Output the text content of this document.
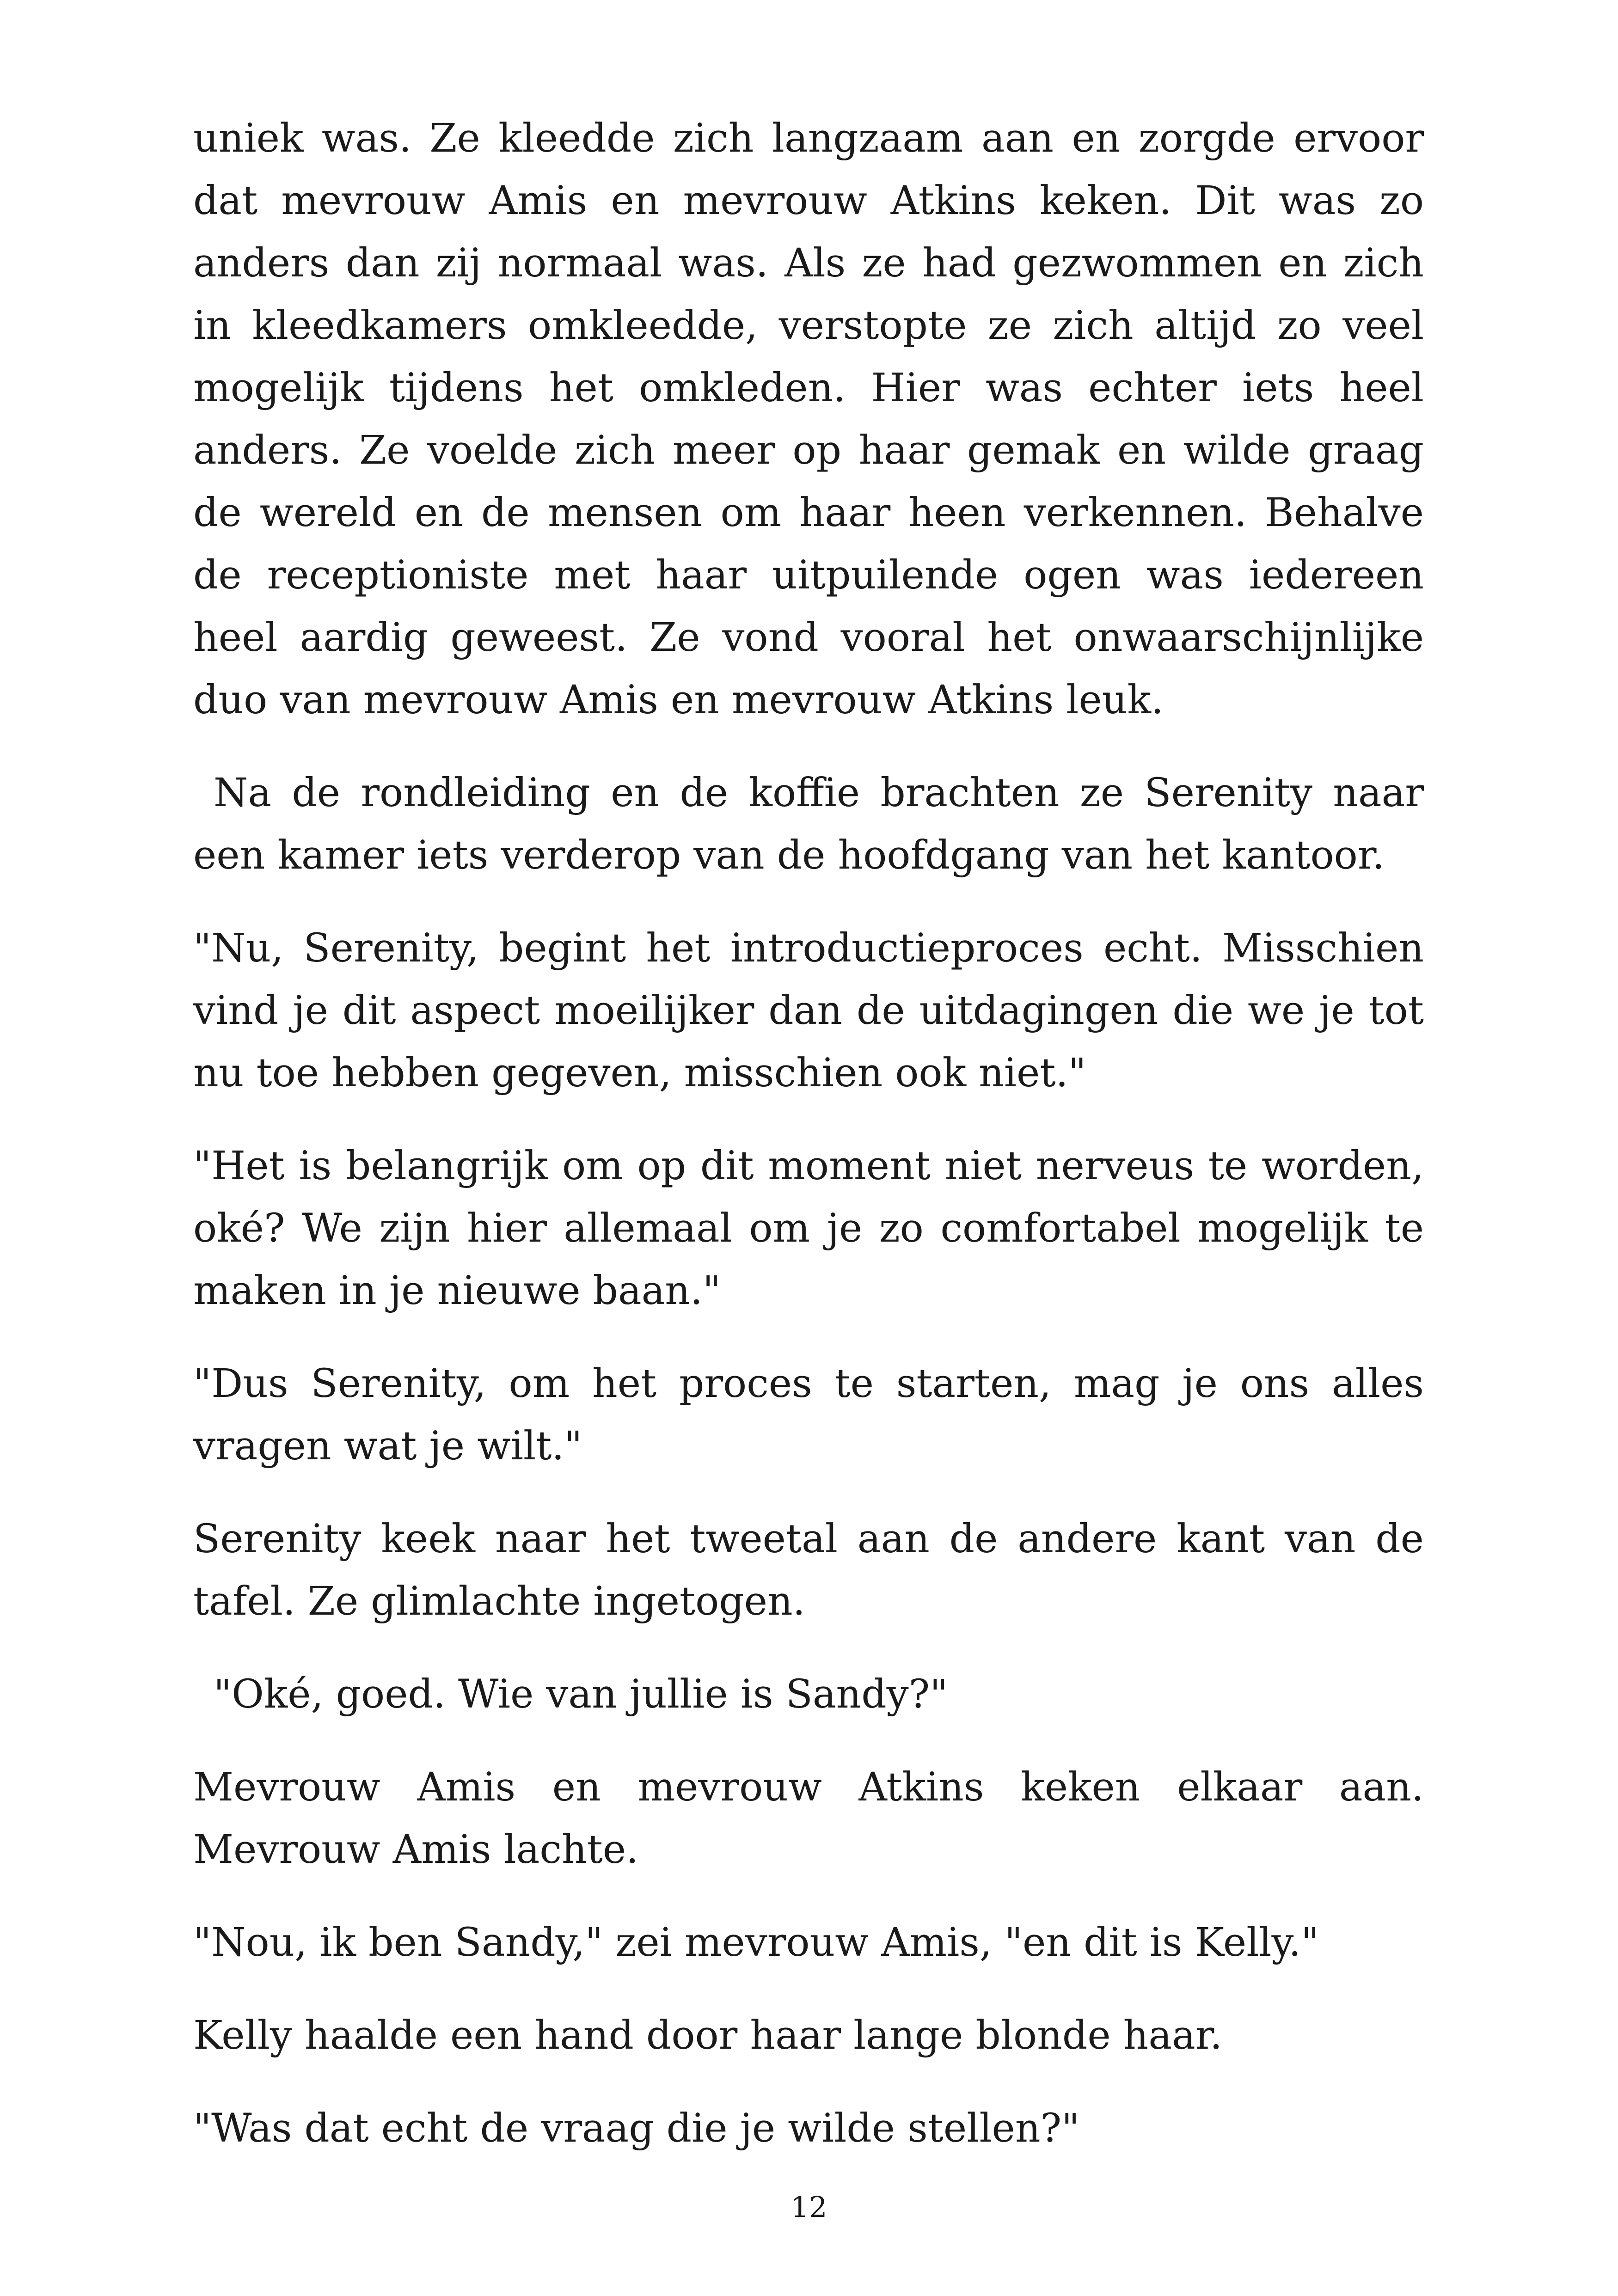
uniek was. Ze kleedde zich langzaam aan en zorgde ervoor dat mevrouw Amis en mevrouw Atkins keken. Dit was zo anders dan zij normaal was. Als ze had gezwommen en zich in kleedkamers omkleedde, verstopte ze zich altijd zo veel mogelijk tijdens het omkleden. Hier was echter iets heel anders. Ze voelde zich meer op haar gemak en wilde graag de wereld en de mensen om haar heen verkennen. Behalve de receptioniste met haar uitpuilende ogen was iedereen heel aardig geweest. Ze vond vooral het onwaarschijnlijke duo van mevrouw Amis en mevrouw Atkins leuk.

Na de rondleiding en de koffie brachten ze Serenity naar een kamer iets verderop van de hoofdgang van het kantoor.

"Nu, Serenity, begint het introductieproces echt. Misschien vind je dit aspect moeilijker dan de uitdagingen die we je tot nu toe hebben gegeven, misschien ook niet."

"Het is belangrijk om op dit moment niet nerveus te worden, oké? We zijn hier allemaal om je zo comfortabel mogelijk te maken in je nieuwe baan."

"Dus Serenity, om het proces te starten, mag je ons alles vragen wat je wilt."

Serenity keek naar het tweetal aan de andere kant van de tafel. Ze glimlachte ingetogen.

"Oké, goed. Wie van jullie is Sandy?"

Mevrouw Amis en mevrouw Atkins keken elkaar aan. Mevrouw Amis lachte.

"Nou, ik ben Sandy," zei mevrouw Amis, "en dit is Kelly."

Kelly haalde een hand door haar lange blonde haar.

"Was dat echt de vraag die je wilde stellen?"

12
